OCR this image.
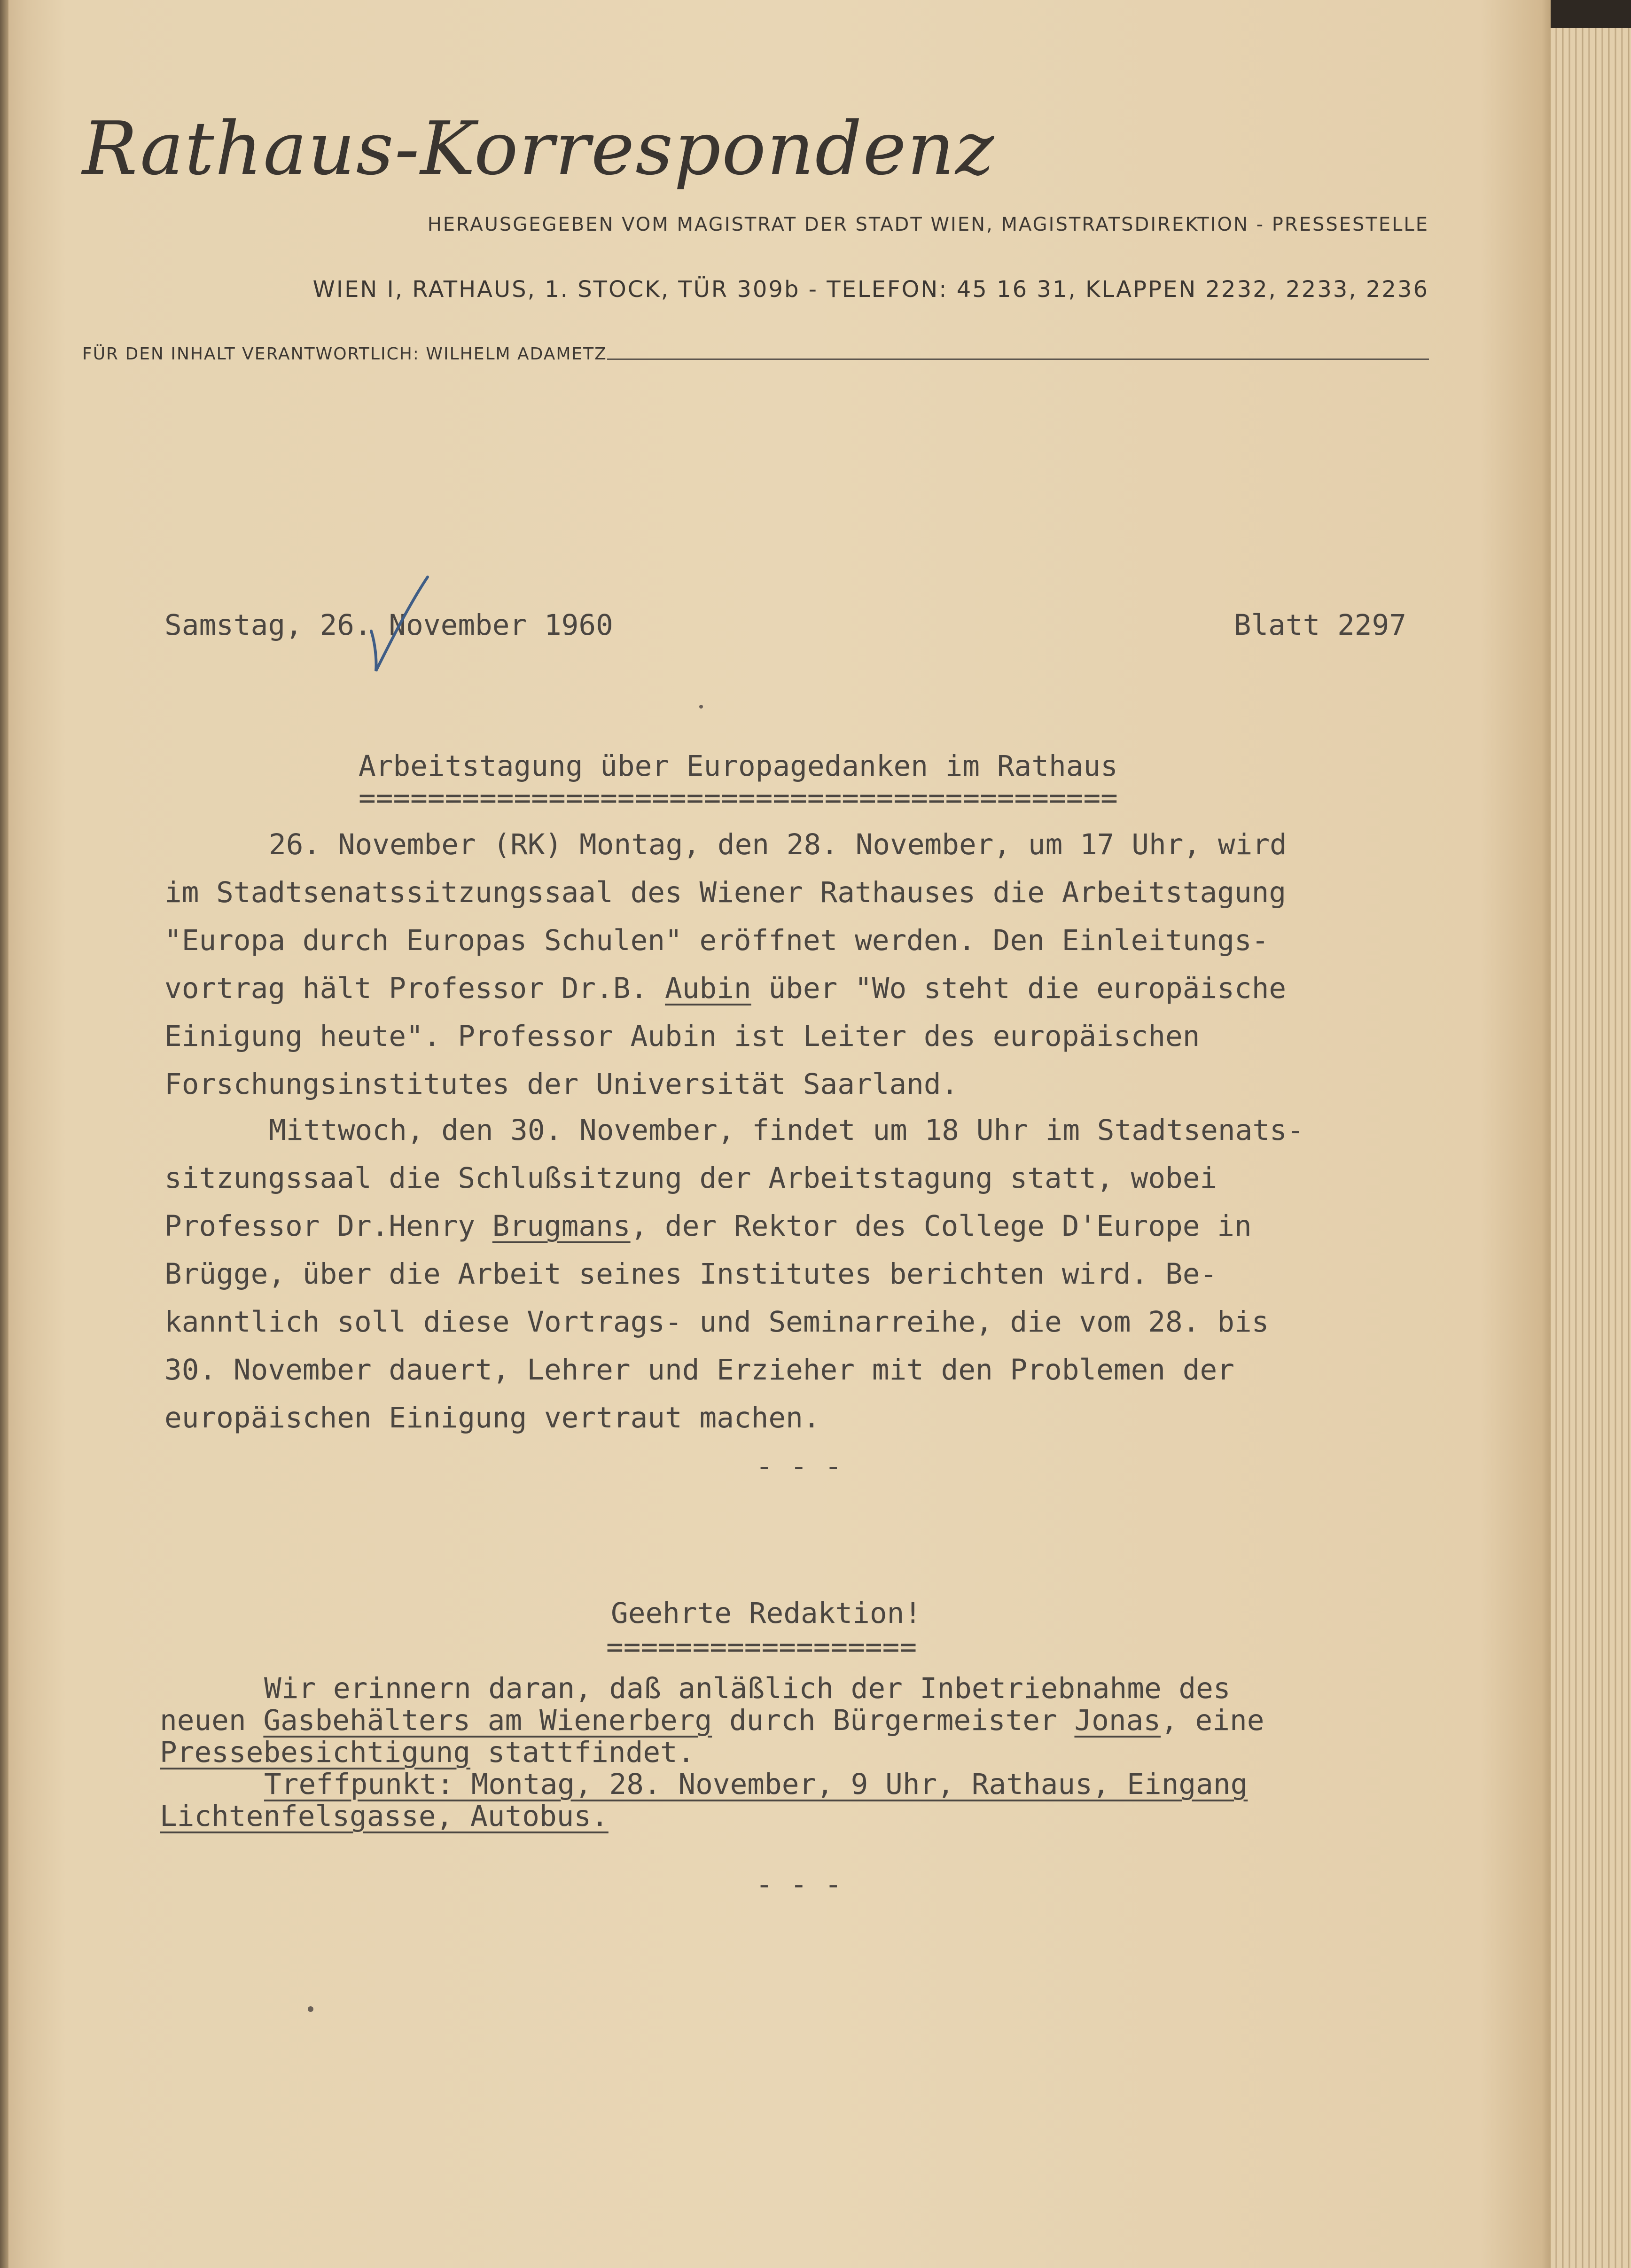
Rathaus-Korrespondenz
HERAUSGEGEBEN VOM MAGISTRAT DER STADT WIEN, MAGISTRATSDIREKTION - PRESSESTELLE
WIEN I, RATHAUS, 1. STOCK, TÜR 309b - TELEFON: 45 16 31, KLAPPEN 2232, 2233, 2236
FÜR DEN INHALT VERANTWORTLICH: WILHELM ADAMETZ
Samstag, 26. November 1960	Blatt 2297
Arbeitstagung über Europagedanken im Rathaus
============================================

26. November (RK) Montag, den 28. November, um 17 Uhr, wird
im Stadtsenatssitzungssaal des Wiener Rathauses die Arbeitstagung
"Europa durch Europas Schulen" eröffnet werden. Den Einleitungs-
vortrag hält Professor Dr.B. Aubin über "Wo steht die europäische
Einigung heute". Professor Aubin ist Leiter des europäischen
Forschungsinstitutes der Universität Saarland.

Mittwoch, den 30. November, findet um 18 Uhr im Stadtsenats-
sitzungssaal die Schlußsitzung der Arbeitstagung statt, wobei
Professor Dr.Henry Brugmans, der Rektor des College D'Europe in
Brügge, über die Arbeit seines Institutes berichten wird. Be-
kanntlich soll diese Vortrags- und Seminarreihe, die vom 28. bis
30. November dauert, Lehrer und Erzieher mit den Problemen der
europäischen Einigung vertraut machen.

- - -
Geehrte Redaktion!
==================

Wir erinnern daran, daß anläßlich der Inbetriebnahme des
neuen Gasbehälters am Wienerberg durch Bürgermeister Jonas, eine
Pressebesichtigung stattfindet.
Treffpunkt: Montag, 28. November, 9 Uhr, Rathaus, Eingang
Lichtenfelsgasse, Autobus.

- - -
